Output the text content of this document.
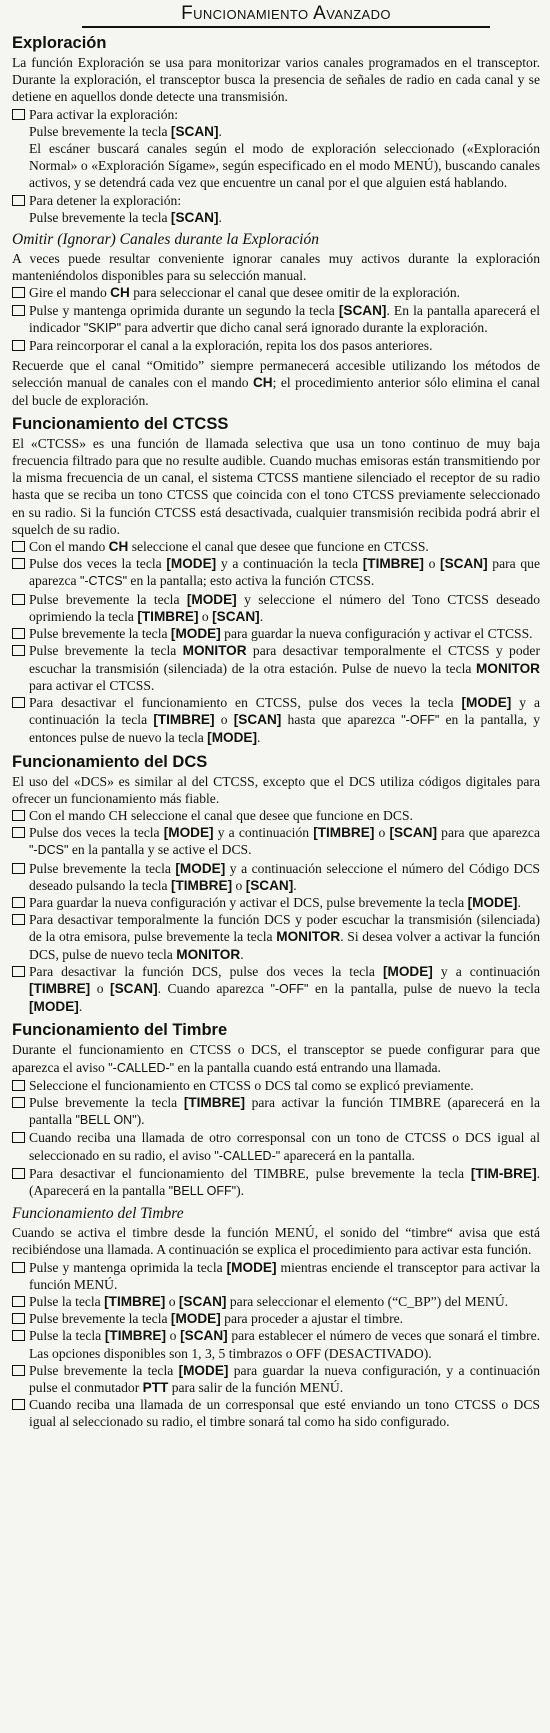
Funcionamiento Avanzado
Exploración

La función Exploración se usa para monitorizar varios canales programados en el transceptor. Durante la exploración, el transceptor busca la presencia de señales de radio en cada canal y se detiene en aquellos donde detecte una transmisión.

Para activar la exploración:
Pulse brevemente la tecla [SCAN].
El escáner buscará canales según el modo de exploración seleccionado («Exploración Normal» o «Exploración Sígame», según especificado en el modo MENÚ), buscando canales activos, y se detendrá cada vez que encuentre un canal por el que alguien está hablando.
Para detener la exploración:
Pulse brevemente la tecla [SCAN].
Omitir (Ignorar) Canales durante la Exploración

A veces puede resultar conveniente ignorar canales muy activos durante la exploración manteniéndolos disponibles para su selección manual.

Gire el mando CH para seleccionar el canal que desee omitir de la exploración.
Pulse y mantenga oprimida durante un segundo la tecla [SCAN]. En la pantalla aparecerá el indicador "SKIP" para advertir que dicho canal será ignorado durante la exploración.
Para reincorporar el canal a la exploración, repita los dos pasos anteriores.

Recuerde que el canal “Omitido” siempre permanecerá accesible utilizando los métodos de selección manual de canales con el mando CH; el procedimiento anterior sólo elimina el canal del bucle de exploración.

Funcionamiento del CTCSS

El «CTCSS» es una función de llamada selectiva que usa un tono continuo de muy baja frecuencia filtrado para que no resulte audible. Cuando muchas emisoras están transmitiendo por la misma frecuencia de un canal, el sistema CTCSS mantiene silenciado el receptor de su radio hasta que se reciba un tono CTCSS que coincida con el tono CTCSS previamente seleccionado en su radio. Si la función CTCSS está desactivada, cualquier transmisión recibida podrá abrir el squelch de su radio.

Con el mando CH seleccione el canal que desee que funcione en CTCSS.
Pulse dos veces la tecla [MODE] y a continuación la tecla [TIMBRE] o [SCAN] para que aparezca "-CTCS" en la pantalla; esto activa la función CTCSS.
Pulse brevemente la tecla [MODE] y seleccione el número del Tono CTCSS deseado oprimiendo la tecla [TIMBRE] o [SCAN].
Pulse brevemente la tecla [MODE] para guardar la nueva configuración y activar el CTCSS.
Pulse brevemente la tecla MONITOR para desactivar temporalmente el CTCSS y poder escuchar la transmisión (silenciada) de la otra estación. Pulse de nuevo la tecla MONITOR para activar el CTCSS.
Para desactivar el funcionamiento en CTCSS, pulse dos veces la tecla [MODE] y a continuación la tecla [TIMBRE] o [SCAN] hasta que aparezca "-OFF" en la pantalla, y entonces pulse de nuevo la tecla [MODE].
Funcionamiento del DCS

El uso del «DCS» es similar al del CTCSS, excepto que el DCS utiliza códigos digitales para ofrecer un funcionamiento más fiable.

Con el mando CH seleccione el canal que desee que funcione en DCS.
Pulse dos veces la tecla [MODE] y a continuación [TIMBRE] o [SCAN] para que aparezca "-DCS" en la pantalla y se active el DCS.
Pulse brevemente la tecla [MODE] y a continuación seleccione el número del Código DCS deseado pulsando la tecla [TIMBRE] o [SCAN].
Para guardar la nueva configuración y activar el DCS, pulse brevemente la tecla [MODE].
Para desactivar temporalmente la función DCS y poder escuchar la transmisión (silenciada) de la otra emisora, pulse brevemente la tecla MONITOR. Si desea volver a activar la función DCS, pulse de nuevo tecla MONITOR.
Para desactivar la función DCS, pulse dos veces la tecla [MODE] y a continuación [TIMBRE] o [SCAN]. Cuando aparezca "-OFF" en la pantalla, pulse de nuevo la tecla [MODE].
Funcionamiento del Timbre

Durante el funcionamiento en CTCSS o DCS, el transceptor se puede configurar para que aparezca el aviso "-CALLED-" en la pantalla cuando está entrando una llamada.

Seleccione el funcionamiento en CTCSS o DCS tal como se explicó previamente.
Pulse brevemente la tecla [TIMBRE] para activar la función TIMBRE (aparecerá en la pantalla "BELL ON").
Cuando reciba una llamada de otro corresponsal con un tono de CTCSS o DCS igual al seleccionado en su radio, el aviso "-CALLED-" aparecerá en la pantalla.
Para desactivar el funcionamiento del TIMBRE, pulse brevemente la tecla [TIM-BRE]. (Aparecerá en la pantalla "BELL OFF").
Funcionamiento del Timbre

Cuando se activa el timbre desde la función MENÚ, el sonido del “timbre“ avisa que está recibiéndose una llamada. A continuación se explica el procedimiento para activar esta función.

Pulse y mantenga oprimida la tecla [MODE] mientras enciende el transceptor para activar la función MENÚ.
Pulse la tecla [TIMBRE] o [SCAN] para seleccionar el elemento (“C_BP”) del MENÚ.
Pulse brevemente la tecla [MODE] para proceder a ajustar el timbre.
Pulse la tecla [TIMBRE] o [SCAN] para establecer el número de veces que sonará el timbre. Las opciones disponibles son 1, 3, 5 timbrazos o OFF (DESACTIVADO).
Pulse brevemente la tecla [MODE] para guardar la nueva configuración, y a continuación pulse el conmutador PTT para salir de la función MENÚ.
Cuando reciba una llamada de un corresponsal que esté enviando un tono CTCSS o DCS igual al seleccionado su radio, el timbre sonará tal como ha sido configurado.
